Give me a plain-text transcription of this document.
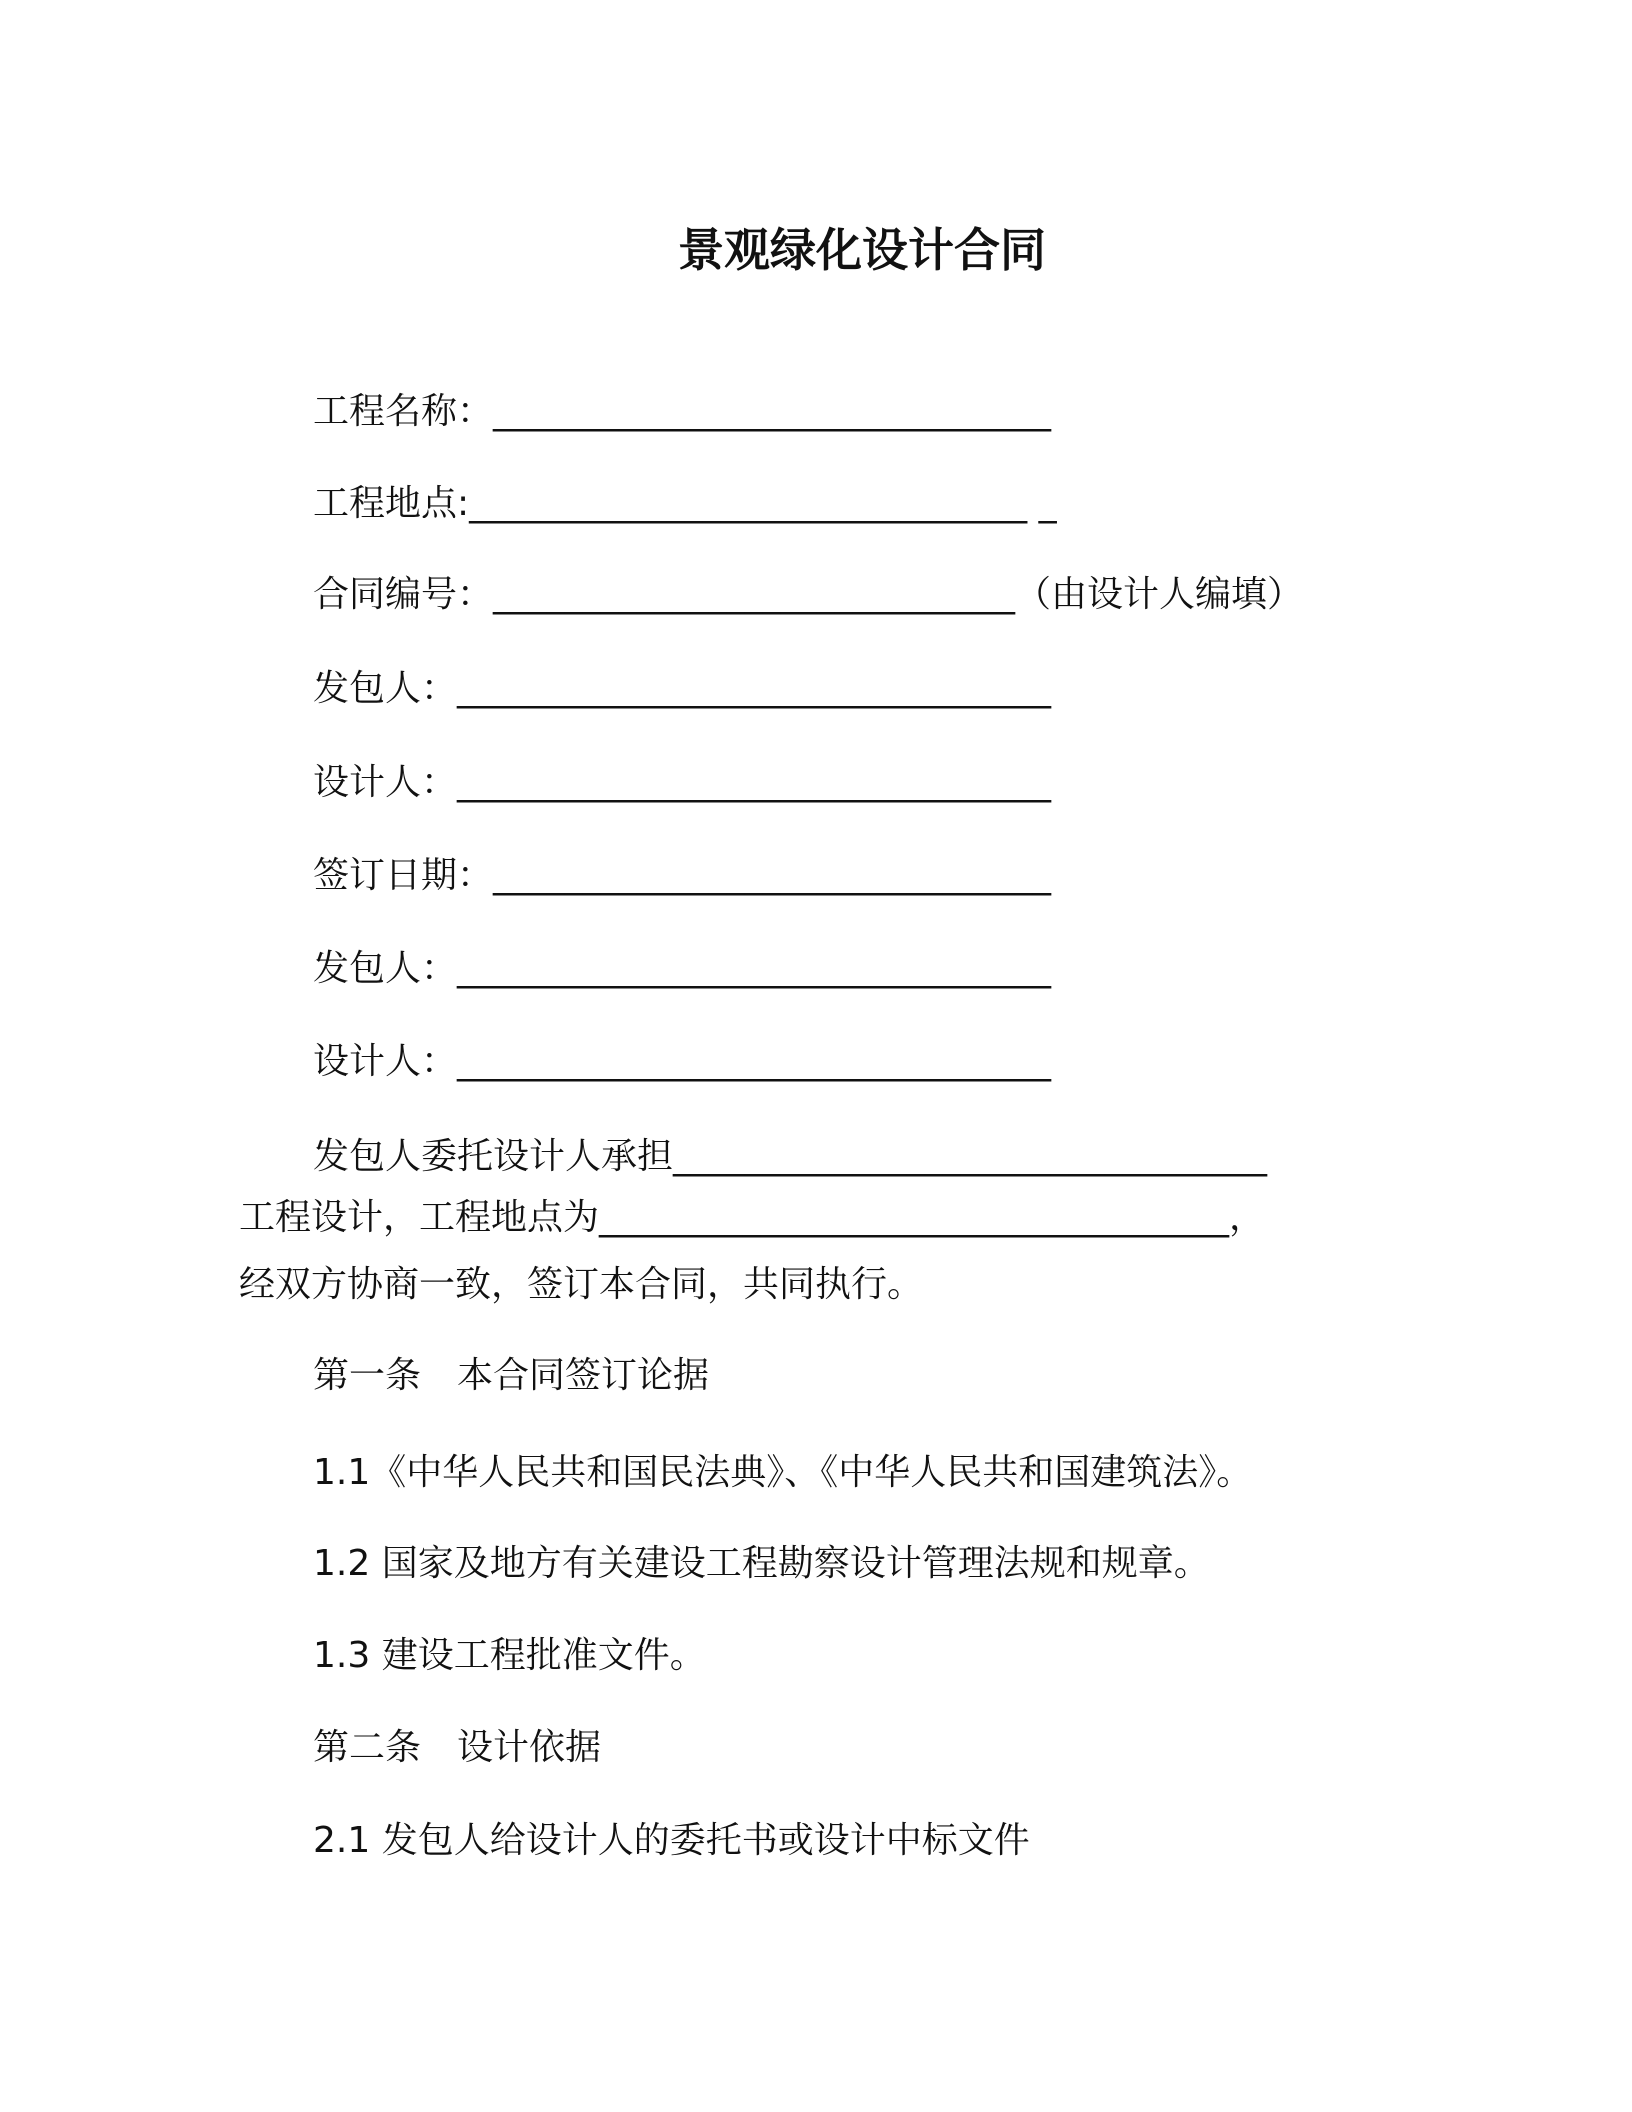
景观绿化设计合同
工程名称：_______________________________
工程地点:_______________________________ _
合同编号：_____________________________（由设计人编填）
发包人：_________________________________
设计人：_________________________________
签订日期：_______________________________
发包人：_________________________________
设计人：_________________________________
发包人委托设计人承担_________________________________
工程设计，工程地点为___________________________________，
经双方协商一致，签订本合同，共同执行。
第一条　本合同签订论据
1.1《中华人民共和国民法典》、《中华人民共和国建筑法》。
1.2 国家及地方有关建设工程勘察设计管理法规和规章。
1.3 建设工程批准文件。
第二条　设计依据
2.1 发包人给设计人的委托书或设计中标文件
